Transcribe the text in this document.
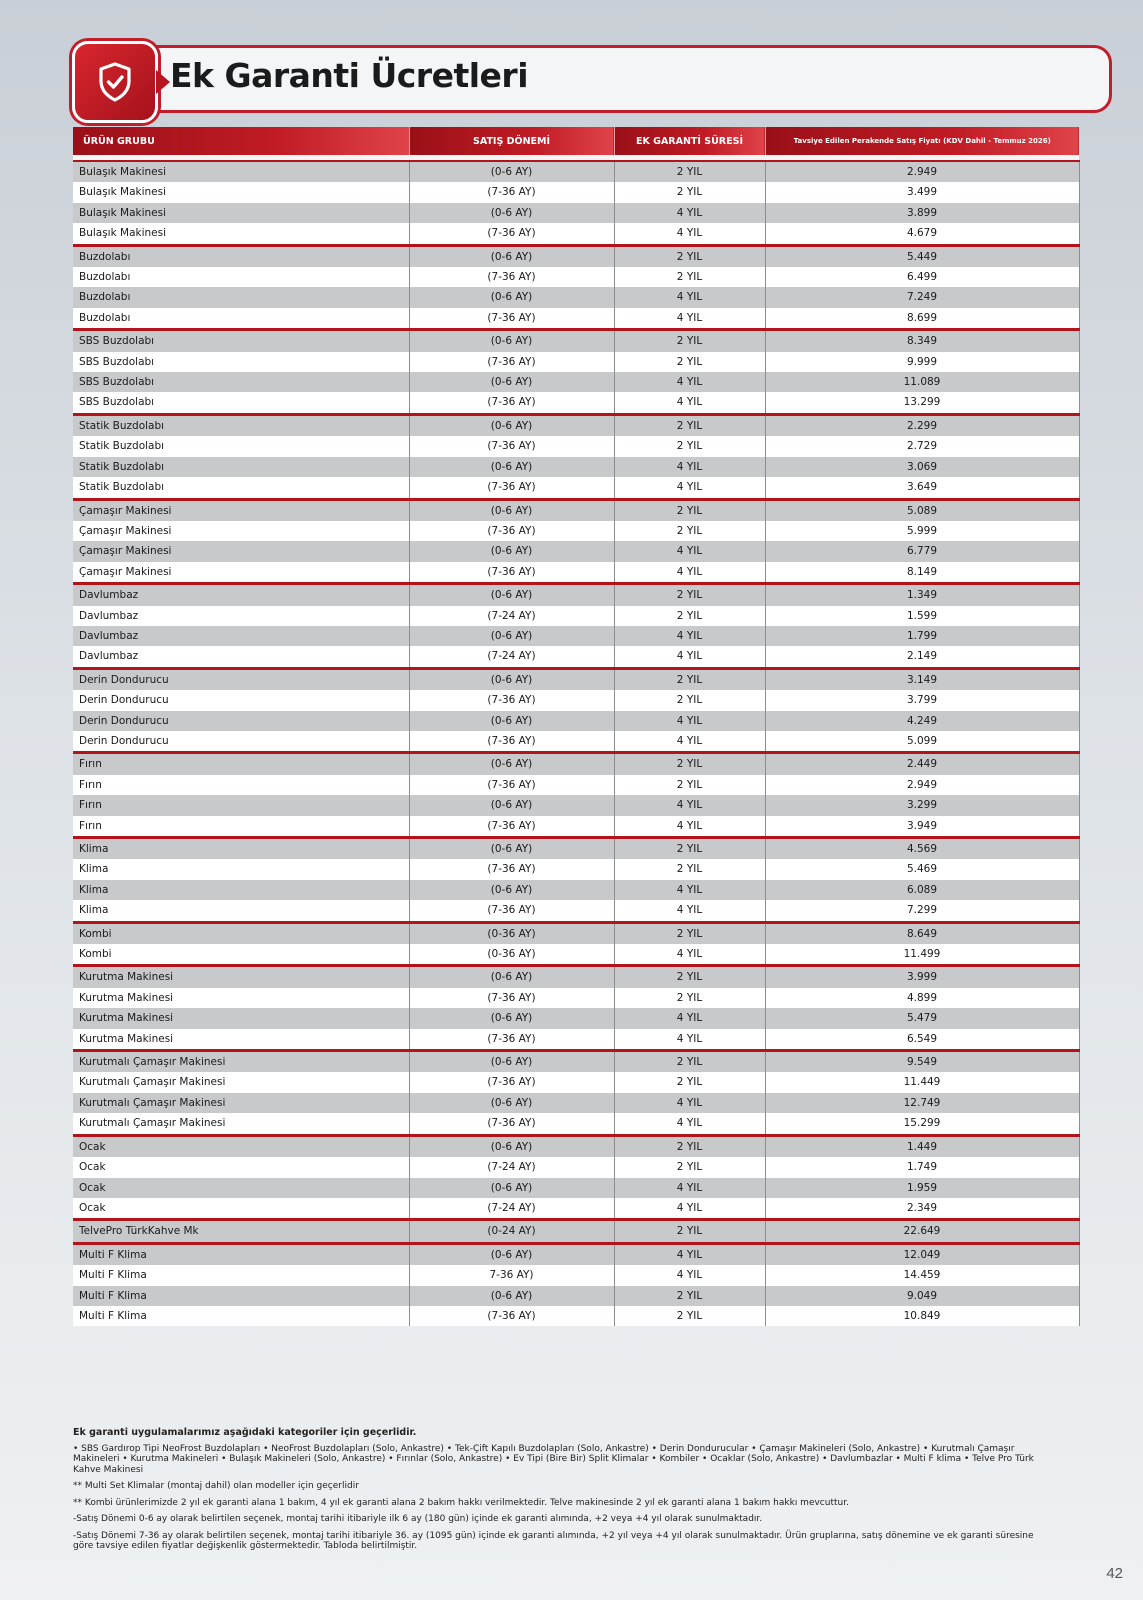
Ek Garanti Ücretleri
ÜRÜN GRUBU	SATIŞ DÖNEMİ	EK GARANTİ SÜRESİ	Tavsiye Edilen Perakende Satış Fiyatı (KDV Dahil - Temmuz 2026)

Bulaşık Makinesi	(0-6 AY)	2 YIL	2.949
Bulaşık Makinesi	(7-36 AY)	2 YIL	3.499
Bulaşık Makinesi	(0-6 AY)	4 YIL	3.899
Bulaşık Makinesi	(7-36 AY)	4 YIL	4.679
Buzdolabı	(0-6 AY)	2 YIL	5.449
Buzdolabı	(7-36 AY)	2 YIL	6.499
Buzdolabı	(0-6 AY)	4 YIL	7.249
Buzdolabı	(7-36 AY)	4 YIL	8.699
SBS Buzdolabı	(0-6 AY)	2 YIL	8.349
SBS Buzdolabı	(7-36 AY)	2 YIL	9.999
SBS Buzdolabı	(0-6 AY)	4 YIL	11.089
SBS Buzdolabı	(7-36 AY)	4 YIL	13.299
Statik Buzdolabı	(0-6 AY)	2 YIL	2.299
Statik Buzdolabı	(7-36 AY)	2 YIL	2.729
Statik Buzdolabı	(0-6 AY)	4 YIL	3.069
Statik Buzdolabı	(7-36 AY)	4 YIL	3.649
Çamaşır Makinesi	(0-6 AY)	2 YIL	5.089
Çamaşır Makinesi	(7-36 AY)	2 YIL	5.999
Çamaşır Makinesi	(0-6 AY)	4 YIL	6.779
Çamaşır Makinesi	(7-36 AY)	4 YIL	8.149
Davlumbaz	(0-6 AY)	2 YIL	1.349
Davlumbaz	(7-24 AY)	2 YIL	1.599
Davlumbaz	(0-6 AY)	4 YIL	1.799
Davlumbaz	(7-24 AY)	4 YIL	2.149
Derin Dondurucu	(0-6 AY)	2 YIL	3.149
Derin Dondurucu	(7-36 AY)	2 YIL	3.799
Derin Dondurucu	(0-6 AY)	4 YIL	4.249
Derin Dondurucu	(7-36 AY)	4 YIL	5.099
Fırın	(0-6 AY)	2 YIL	2.449
Fırın	(7-36 AY)	2 YIL	2.949
Fırın	(0-6 AY)	4 YIL	3.299
Fırın	(7-36 AY)	4 YIL	3.949
Klima	(0-6 AY)	2 YIL	4.569
Klima	(7-36 AY)	2 YIL	5.469
Klima	(0-6 AY)	4 YIL	6.089
Klima	(7-36 AY)	4 YIL	7.299
Kombi	(0-36 AY)	2 YIL	8.649
Kombi	(0-36 AY)	4 YIL	11.499
Kurutma Makinesi	(0-6 AY)	2 YIL	3.999
Kurutma Makinesi	(7-36 AY)	2 YIL	4.899
Kurutma Makinesi	(0-6 AY)	4 YIL	5.479
Kurutma Makinesi	(7-36 AY)	4 YIL	6.549
Kurutmalı Çamaşır Makinesi	(0-6 AY)	2 YIL	9.549
Kurutmalı Çamaşır Makinesi	(7-36 AY)	2 YIL	11.449
Kurutmalı Çamaşır Makinesi	(0-6 AY)	4 YIL	12.749
Kurutmalı Çamaşır Makinesi	(7-36 AY)	4 YIL	15.299
Ocak	(0-6 AY)	2 YIL	1.449
Ocak	(7-24 AY)	2 YIL	1.749
Ocak	(0-6 AY)	4 YIL	1.959
Ocak	(7-24 AY)	4 YIL	2.349
TelvePro TürkKahve Mk	(0-24 AY)	2 YIL	22.649
Multi F Klima	(0-6 AY)	4 YIL	12.049
Multi F Klima	7-36 AY)	4 YIL	14.459
Multi F Klima	(0-6 AY)	2 YIL	9.049
Multi F Klima	(7-36 AY)	2 YIL	10.849
Ek garanti uygulamalarımız aşağıdaki kategoriler için geçerlidir.

• SBS Gardırop Tipi NeoFrost Buzdolapları • NeoFrost Buzdolapları (Solo, Ankastre) • Tek-Çift Kapılı Buzdolapları (Solo, Ankastre) • Derin Dondurucular • Çamaşır Makineleri (Solo, Ankastre) • Kurutmalı Çamaşır Makineleri • Kurutma Makineleri • Bulaşık Makineleri (Solo, Ankastre) • Fırınlar (Solo, Ankastre) • Ev Tipi (Bire Bir) Split Klimalar • Kombiler • Ocaklar (Solo, Ankastre) • Davlumbazlar • Multi F klima • Telve Pro Türk Kahve Makinesi

** Multi Set Klimalar (montaj dahil) olan modeller için geçerlidir

** Kombi ürünlerimizde 2 yıl ek garanti alana 1 bakım, 4 yıl ek garanti alana 2 bakım hakkı verilmektedir. Telve makinesinde 2 yıl ek garanti alana 1 bakım hakkı mevcuttur.

-Satış Dönemi 0-6 ay olarak belirtilen seçenek, montaj tarihi itibariyle ilk 6 ay (180 gün) içinde ek garanti alımında, +2 veya +4 yıl olarak sunulmaktadır.

-Satış Dönemi 7-36 ay olarak belirtilen seçenek, montaj tarihi itibariyle 36. ay (1095 gün) içinde ek garanti alımında, +2 yıl veya +4 yıl olarak sunulmaktadır. Ürün gruplarına, satış dönemine ve ek garanti süresine göre tavsiye edilen fiyatlar değişkenlik göstermektedir. Tabloda belirtilmiştir.

42
